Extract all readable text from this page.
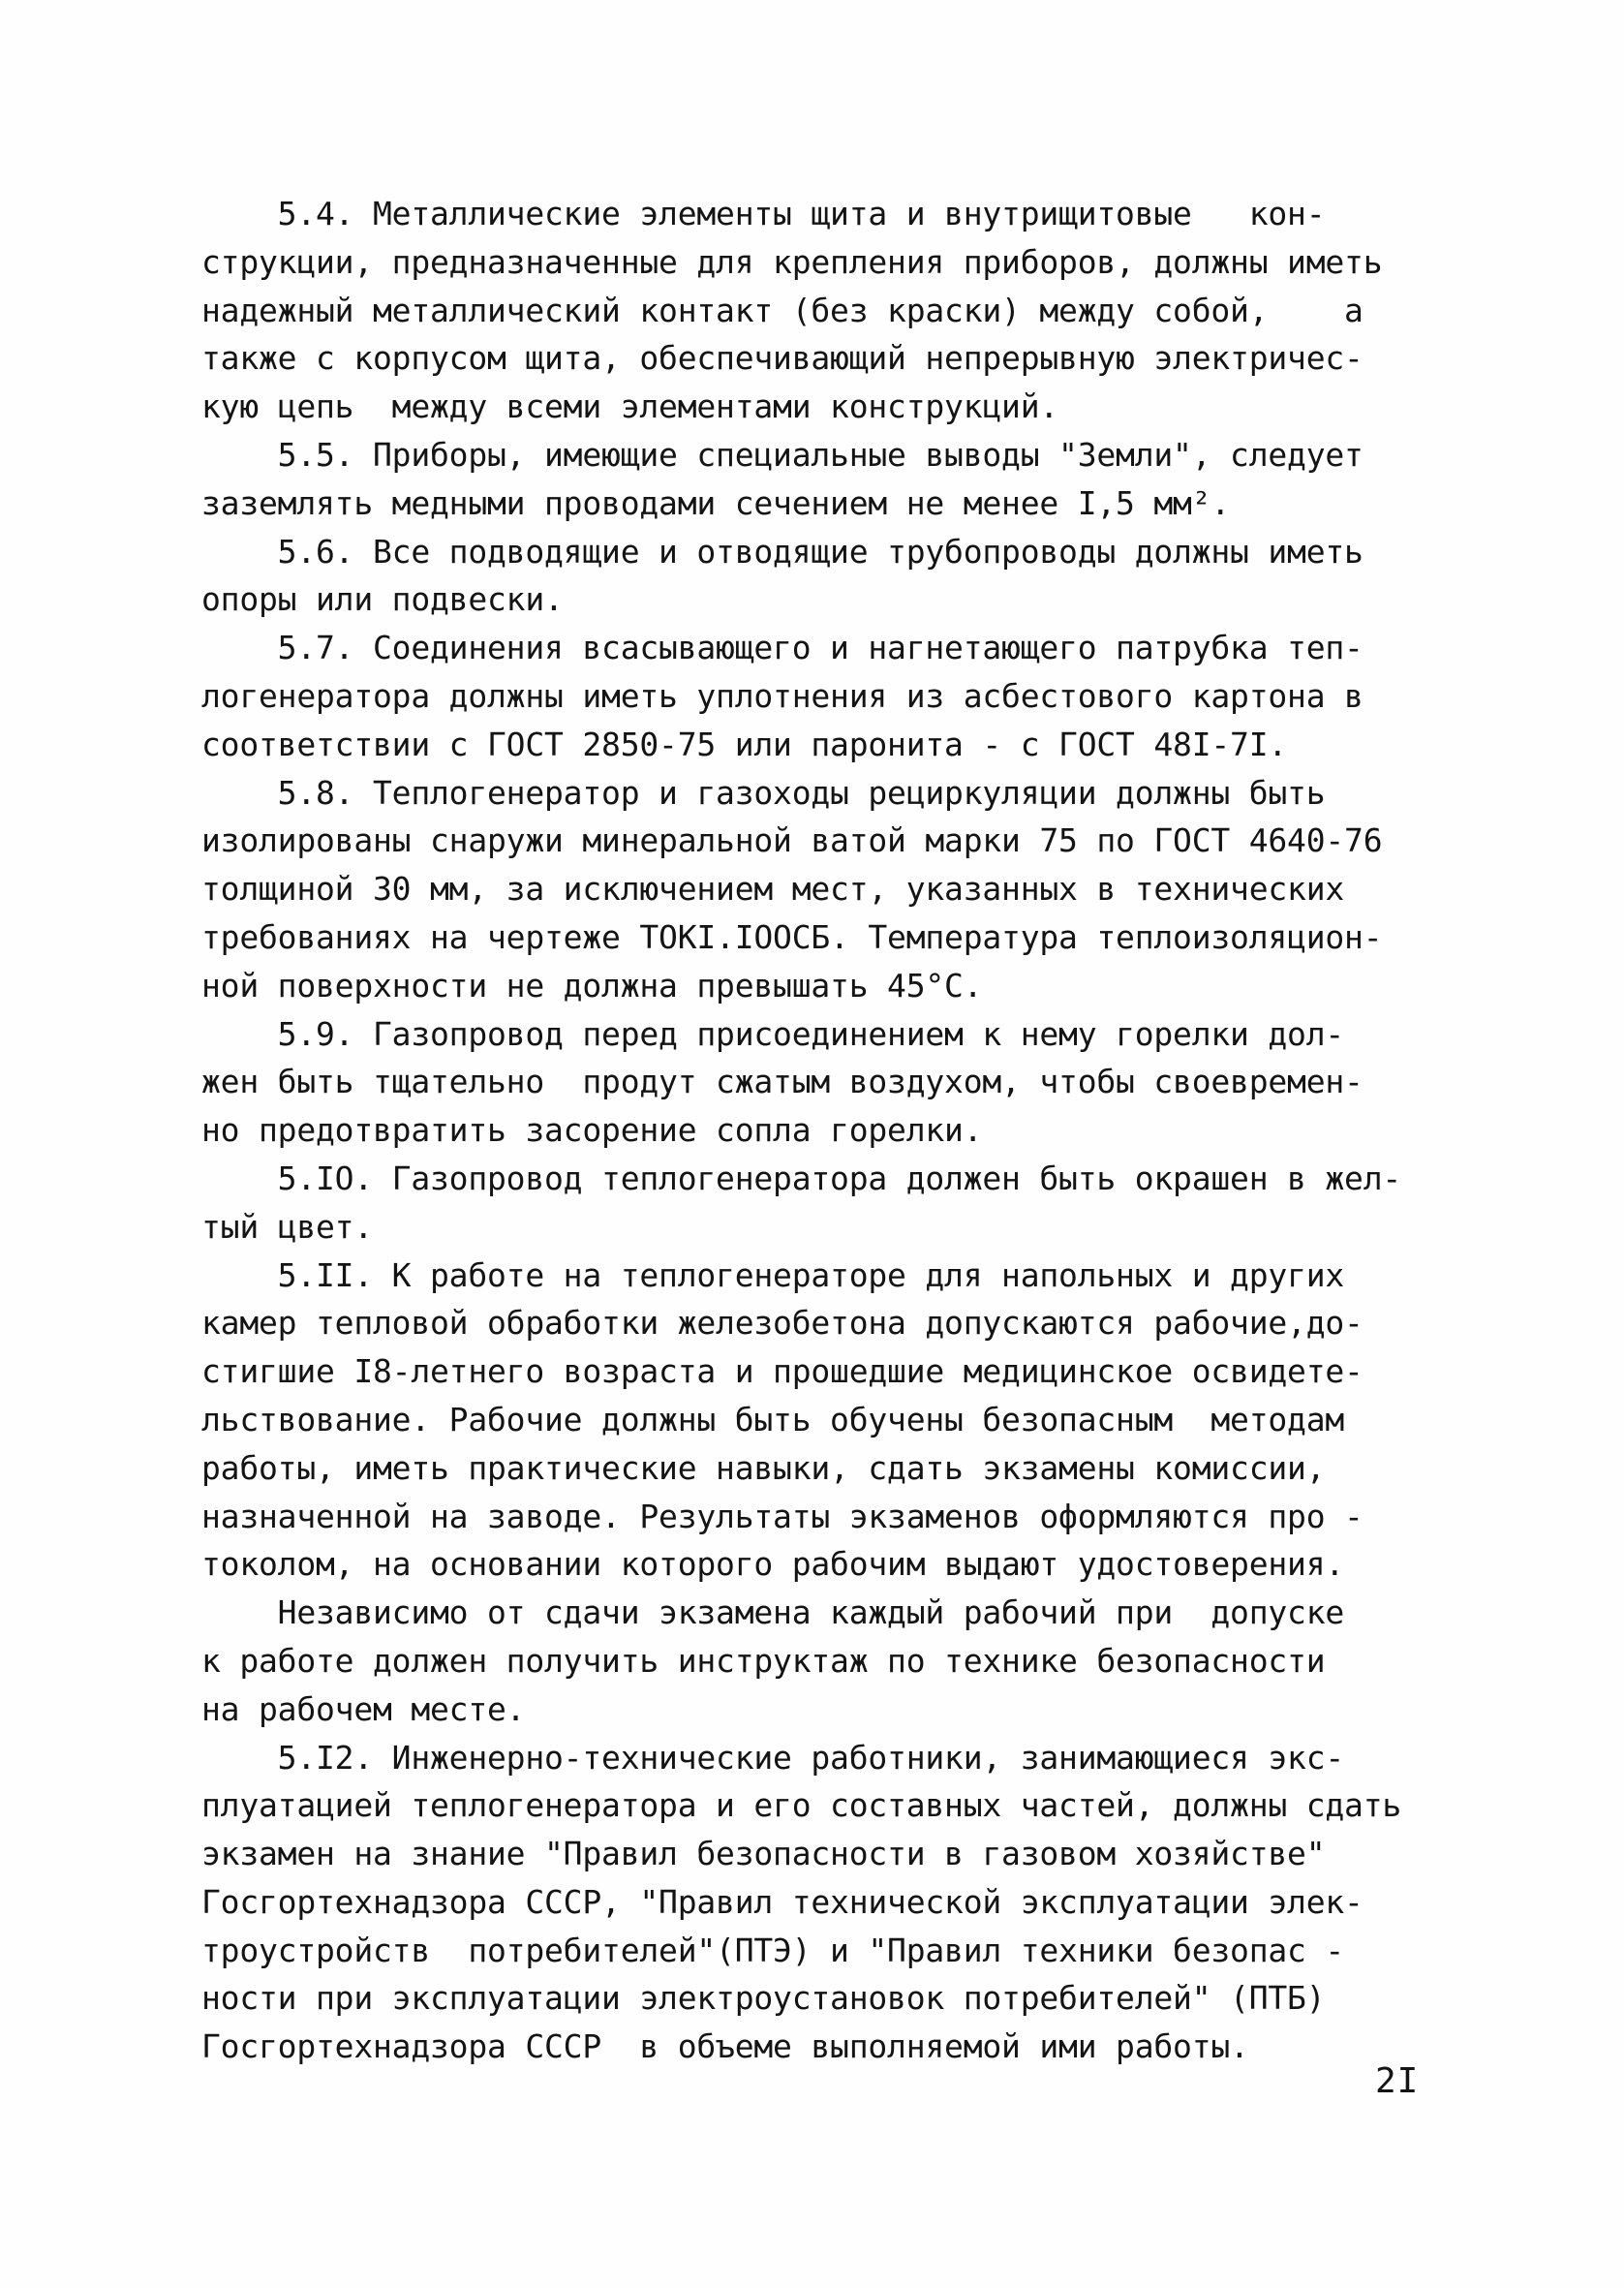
5.4. Металлические элементы щита и внутрищитовые   кон-
струкции, предназначенные для крепления приборов, должны иметь
надежный металлический контакт (без краски) между собой,    а
также с корпусом щита, обеспечивающий непрерывную электричес-
кую цепь  между всеми элементами конструкций.
5.5. Приборы, имеющие специальные выводы "Земли", следует
заземлять медными проводами сечением не менее I,5 мм².
5.6. Все подводящие и отводящие трубопроводы должны иметь
опоры или подвески.
5.7. Соединения всасывающего и нагнетающего патрубка теп-
логенератора должны иметь уплотнения из асбестового картона в
соответствии с ГОСТ 2850-75 или паронита - с ГОСТ 48I-7I.
5.8. Теплогенератор и газоходы рециркуляции должны быть
изолированы снаружи минеральной ватой марки 75 по ГОСТ 4640-76
толщиной 30 мм, за исключением мест, указанных в технических
требованиях на чертеже ТОКI.IООСБ. Температура теплоизоляцион-
ной поверхности не должна превышать 45°С.
5.9. Газопровод перед присоединением к нему горелки дол-
жен быть тщательно  продут сжатым воздухом, чтобы своевремен-
но предотвратить засорение сопла горелки.
5.IО. Газопровод теплогенератора должен быть окрашен в жел-
тый цвет.
5.II. К работе на теплогенераторе для напольных и других
камер тепловой обработки железобетона допускаются рабочие,до-
стигшие I8-летнего возраста и прошедшие медицинское освидете-
льствование. Рабочие должны быть обучены безопасным  методам
работы, иметь практические навыки, сдать экзамены комиссии,
назначенной на заводе. Результаты экзаменов оформляются про -
токолом, на основании которого рабочим выдают удостоверения.
Независимо от сдачи экзамена каждый рабочий при  допуске
к работе должен получить инструктаж по технике безопасности
на рабочем месте.
5.I2. Инженерно-технические работники, занимающиеся экс-
плуатацией теплогенератора и его составных частей, должны сдать
экзамен на знание "Правил безопасности в газовом хозяйстве"
Госгортехнадзора СССР, "Правил технической эксплуатации элек-
троустройств  потребителей"(ПТЭ) и "Правил техники безопас -
ности при эксплуатации электроустановок потребителей" (ПТБ)
Госгортехнадзора СССР  в объеме выполняемой ими работы.
2I
